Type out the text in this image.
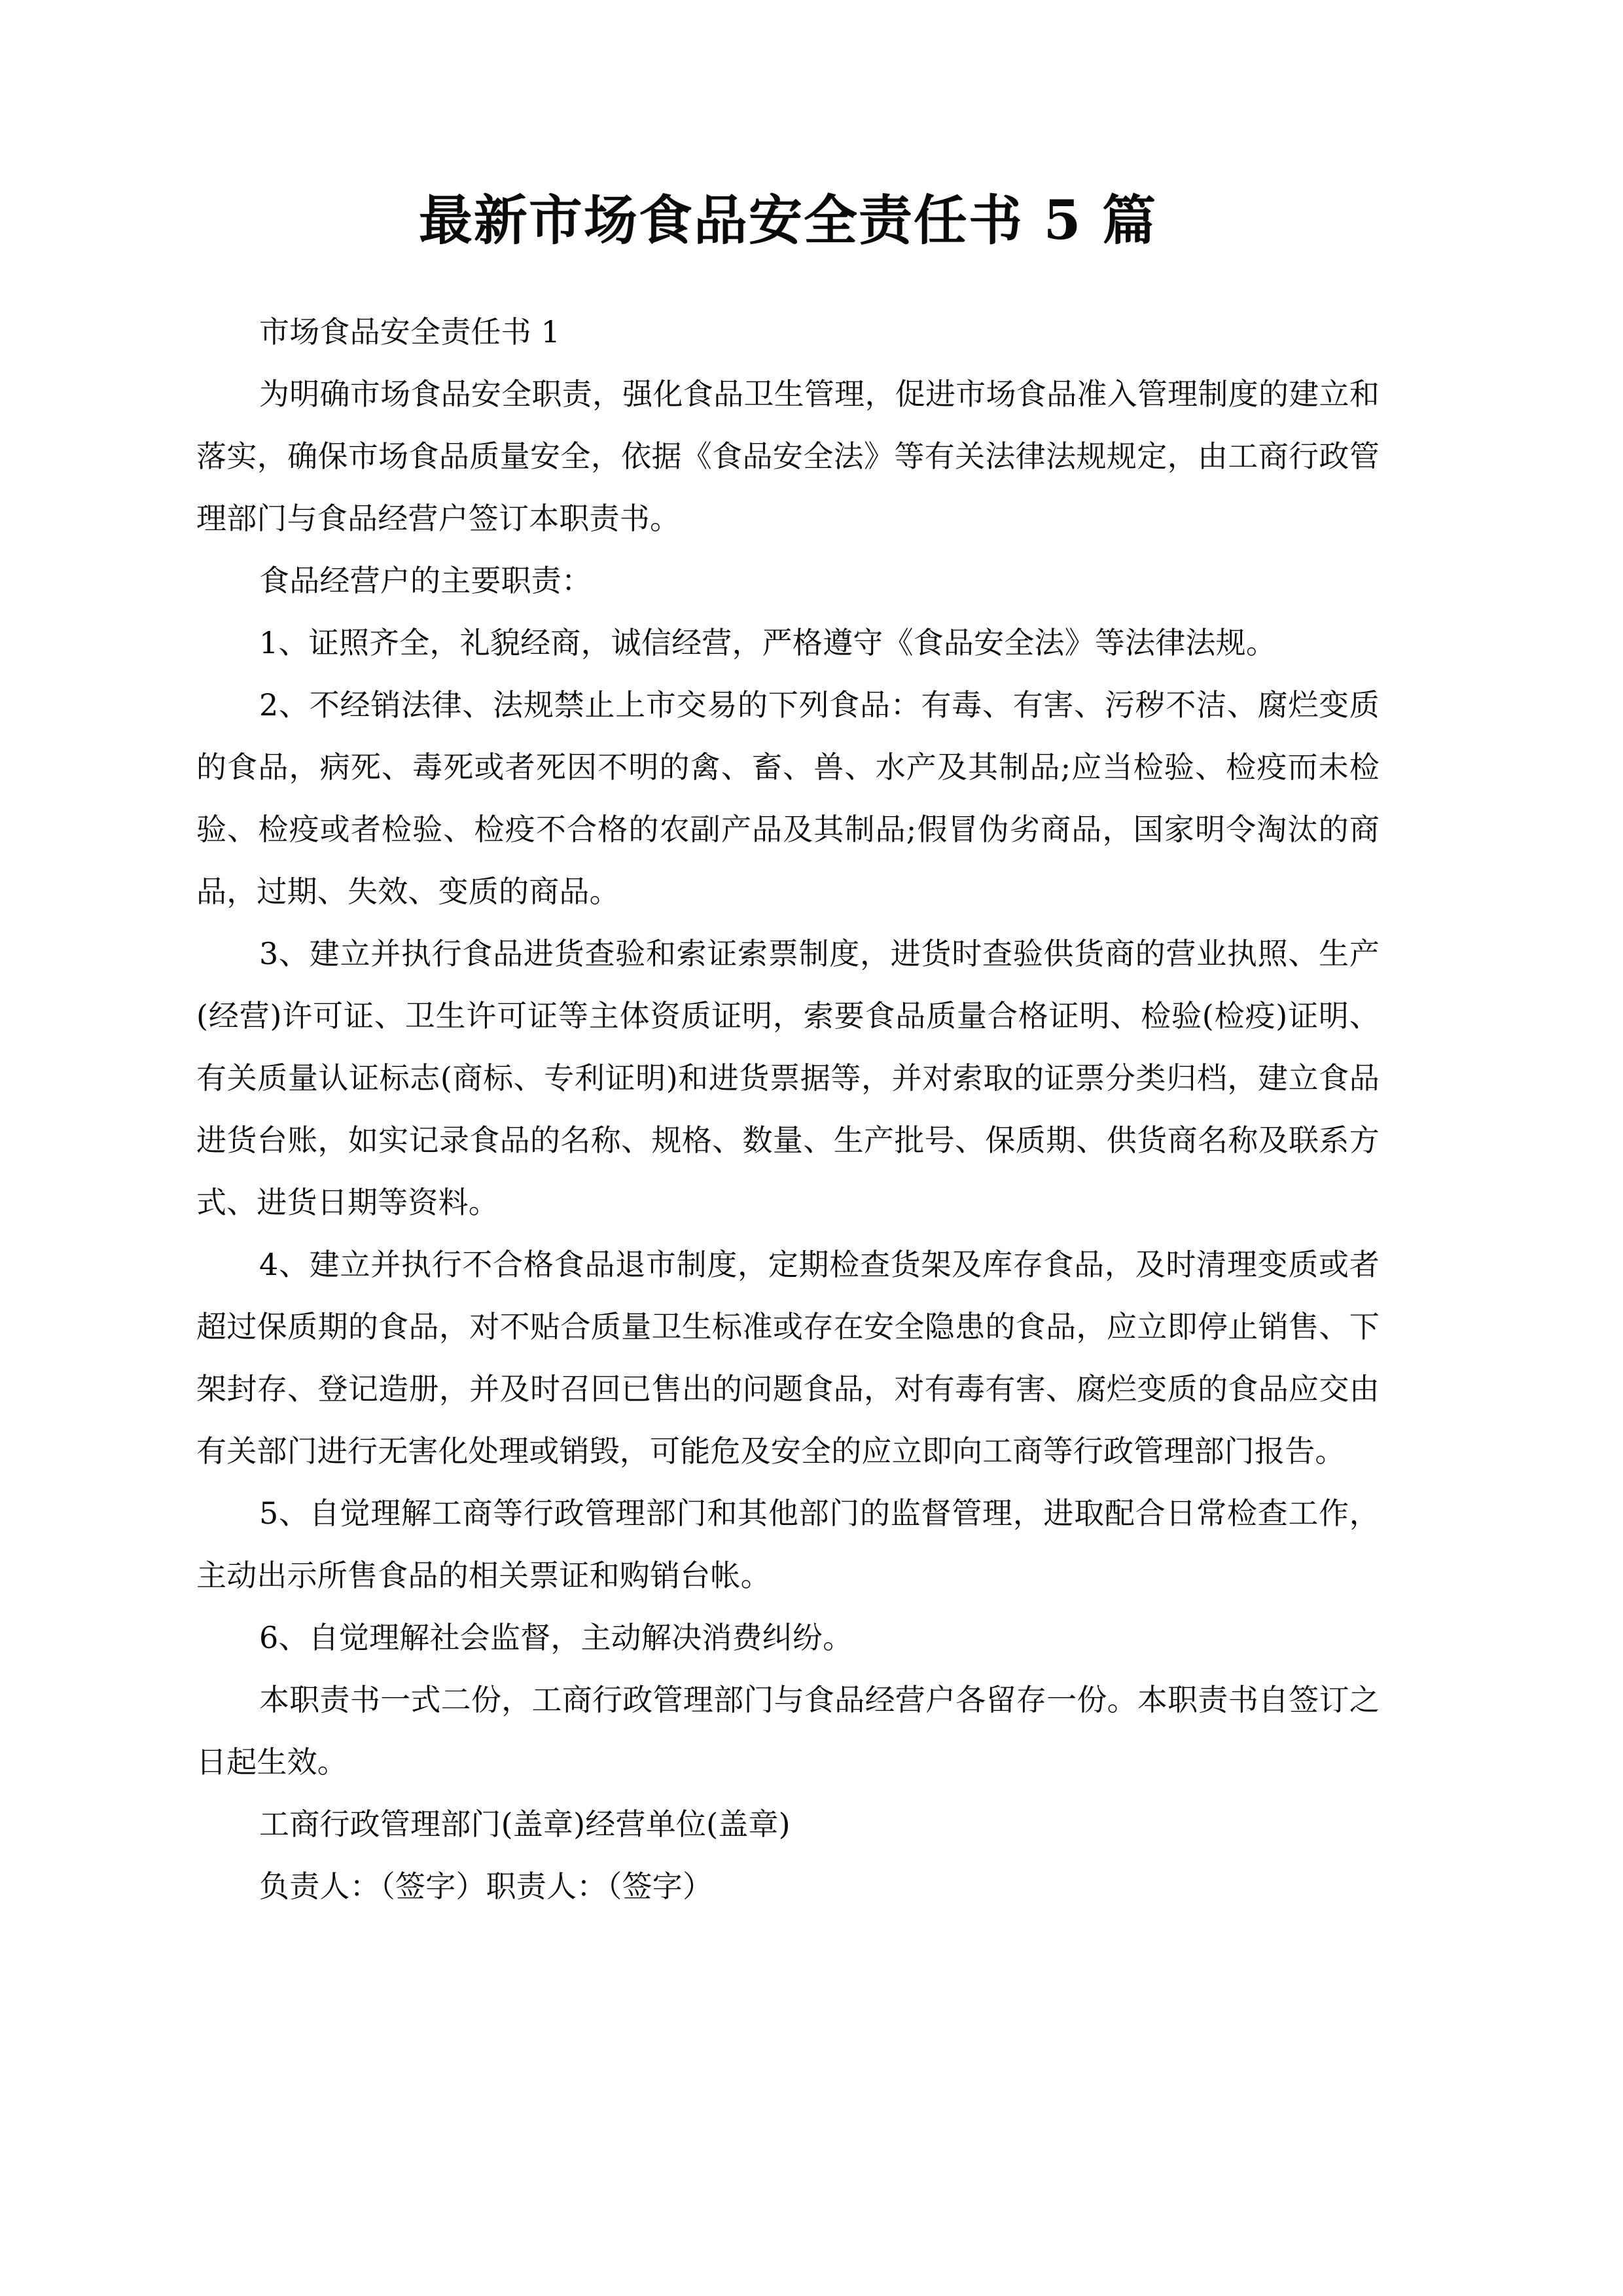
最新市场食品安全责任书 5 篇

市场食品安全责任书 1

为明确市场食品安全职责，强化食品卫生管理，促进市场食品准入管理制度的建立和落实，确保市场食品质量安全，依据《食品安全法》等有关法律法规规定，由工商行政管理部门与食品经营户签订本职责书。

食品经营户的主要职责：

1、证照齐全，礼貌经商，诚信经营，严格遵守《食品安全法》等法律法规。

2、不经销法律、法规禁止上市交易的下列食品：有毒、有害、污秽不洁、腐烂变质的食品，病死、毒死或者死因不明的禽、畜、兽、水产及其制品;应当检验、检疫而未检验、检疫或者检验、检疫不合格的农副产品及其制品;假冒伪劣商品，国家明令淘汰的商品，过期、失效、变质的商品。

3、建立并执行食品进货查验和索证索票制度，进货时查验供货商的营业执照、生产(经营)许可证、卫生许可证等主体资质证明，索要食品质量合格证明、检验(检疫)证明、有关质量认证标志(商标、专利证明)和进货票据等，并对索取的证票分类归档，建立食品进货台账，如实记录食品的名称、规格、数量、生产批号、保质期、供货商名称及联系方式、进货日期等资料。

4、建立并执行不合格食品退市制度，定期检查货架及库存食品，及时清理变质或者超过保质期的食品，对不贴合质量卫生标准或存在安全隐患的食品，应立即停止销售、下架封存、登记造册，并及时召回已售出的问题食品，对有毒有害、腐烂变质的食品应交由有关部门进行无害化处理或销毁，可能危及安全的应立即向工商等行政管理部门报告。

5、自觉理解工商等行政管理部门和其他部门的监督管理，进取配合日常检查工作，主动出示所售食品的相关票证和购销台帐。

6、自觉理解社会监督，主动解决消费纠纷。

本职责书一式二份，工商行政管理部门与食品经营户各留存一份。本职责书自签订之日起生效。

工商行政管理部门(盖章)经营单位(盖章)

负责人：（签字）职责人：（签字）
